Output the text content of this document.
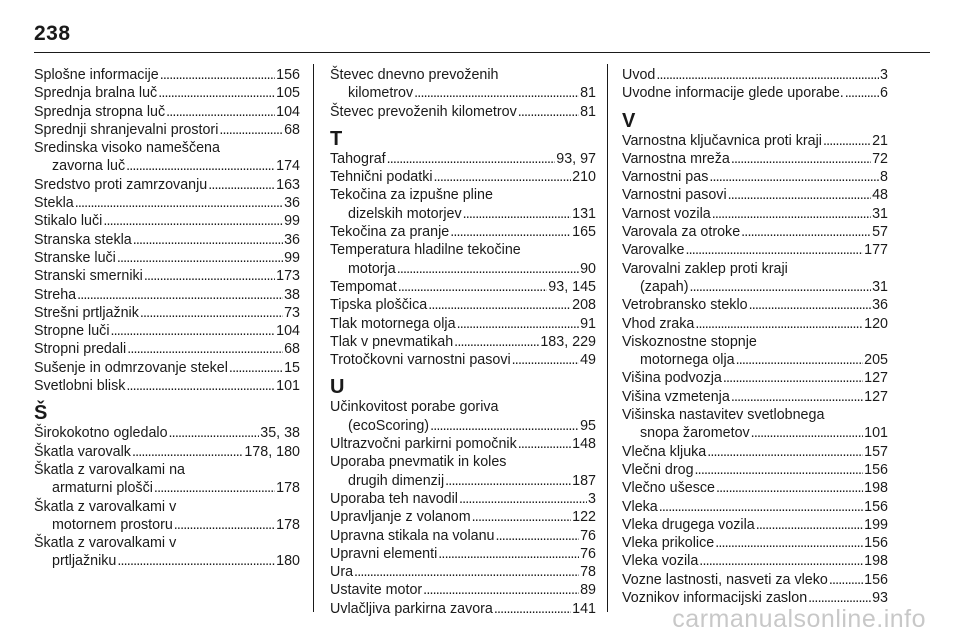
238
Splošne informacije . . .	156
Sprednja bralna luč . . .	105
Sprednja stropna luč . . .	104
Sprednji shranjevalni prostori . . .	68
Sredinska visoko nameščena
zavorna luč . . .	174
Sredstvo proti zamrzovanju . . .	163
Stekla . . .	36
Stikalo luči . . .	99
Stranska stekla . . .	36
Stranske luči . . .	99
Stranski smerniki . . .	173
Streha . . .	38
Strešni prtljažnik . . .	73
Stropne luči . . .	104
Stropni predali . . .	68
Sušenje in odmrzovanje stekel . . .	15
Svetlobni blisk . . .	101
Š
Širokokotno ogledalo . . .	35, 38
Škatla varovalk . . .	178, 180
Škatla z varovalkami na
armaturni plošči . . .	178
Škatla z varovalkami v
motornem prostoru . . .	178
Škatla z varovalkami v
prtljažniku . . .	180
Števec dnevno prevoženih
kilometrov . . .	81
Števec prevoženih kilometrov . . .	81
T
Tahograf . . .	93, 97
Tehnični podatki . . .	210
Tekočina za izpušne pline
dizelskih motorjev . . .	131
Tekočina za pranje . . .	165
Temperatura hladilne tekočine
motorja . . .	90
Tempomat . . .	93, 145
Tipska ploščica . . .	208
Tlak motornega olja . . .	91
Tlak v pnevmatikah . . .	183, 229
Trotočkovni varnostni pasovi . . .	49
U
Učinkovitost porabe goriva
(ecoScoring) . . .	95
Ultrazvočni parkirni pomočnik . . .	148
Uporaba pnevmatik in koles
drugih dimenzij . . .	187
Uporaba teh navodil . . .	3
Upravljanje z volanom . . .	122
Upravna stikala na volanu . . .	76
Upravni elementi . . .	76
Ura . . .	78
Ustavite motor . . .	89
Uvlačljiva parkirna zavora . . .	141
Uvod . . .	3
Uvodne informacije glede uporabe. . . .	6
V
Varnostna ključavnica proti kraji . . .	21
Varnostna mreža . . .	72
Varnostni pas . . .	8
Varnostni pasovi . . .	48
Varnost vozila . . .	31
Varovala za otroke . . .	57
Varovalke . . .	177
Varovalni zaklep proti kraji
(zapah) . . .	31
Vetrobransko steklo . . .	36
Vhod zraka . . .	120
Viskoznostne stopnje
motornega olja . . .	205
Višina podvozja . . .	127
Višina vzmetenja . . .	127
Višinska nastavitev svetlobnega
snopa žarometov . . .	101
Vlečna kljuka . . .	157
Vlečni drog . . .	156
Vlečno ušesce . . .	198
Vleka . . .	156
Vleka drugega vozila . . .	199
Vleka prikolice . . .	156
Vleka vozila . . .	198
Vozne lastnosti, nasveti za vleko . . .	156
Voznikov informacijski zaslon . . .	93
carmanualsonline.info
